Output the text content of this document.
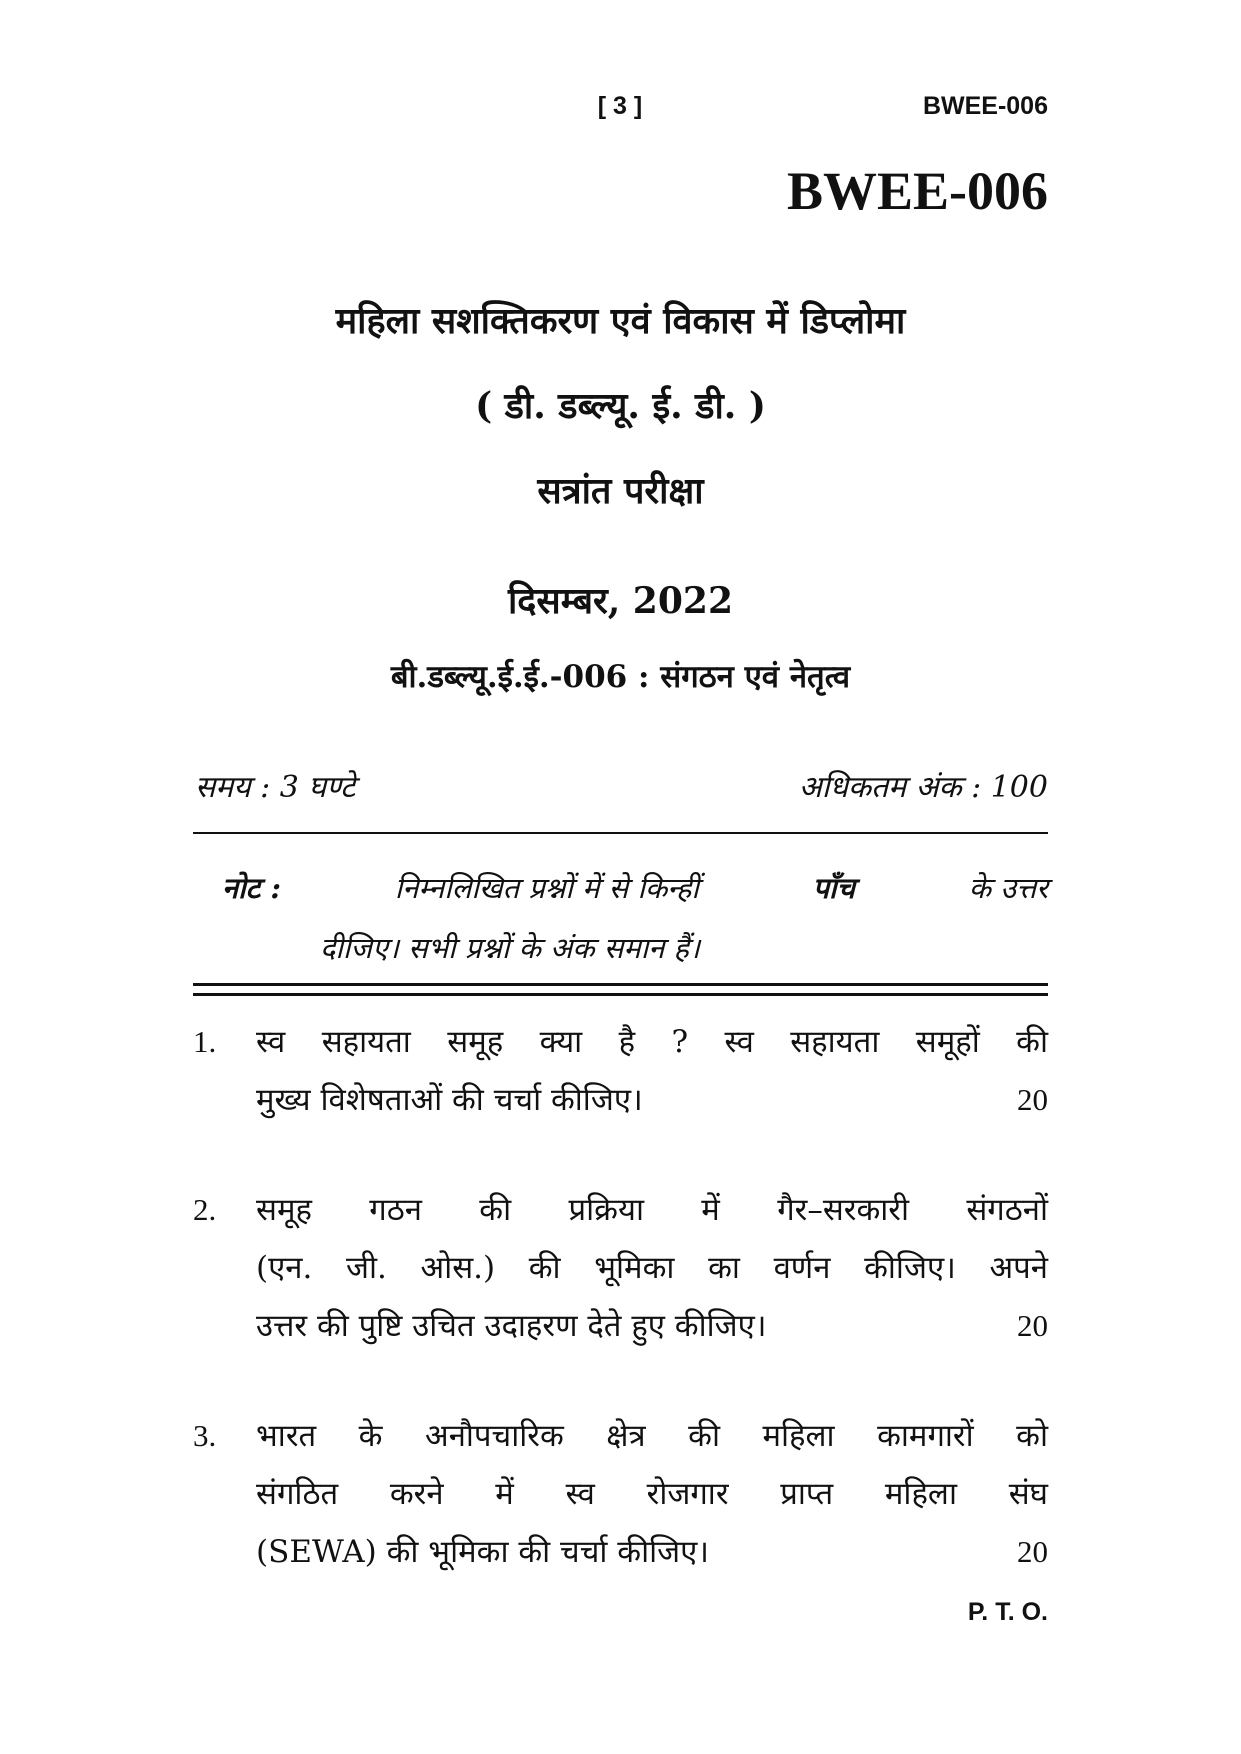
[ 3 ]	BWEE-006
BWEE-006
महिला सशक्तिकरण एवं विकास में डिप्लोमा
( डी. डब्ल्यू. ई. डी. )
सत्रांत परीक्षा
दिसम्बर, 2022
बी.डब्ल्यू.ई.ई.-006 : संगठन एवं नेतृत्व
समय : 3 घण्टे	अधिकतम अंक : 100
नोट :	निम्नलिखित प्रश्नों में से किन्हीं	पाँच	के उत्तर
दीजिए। सभी प्रश्नों के अंक समान हैं।
1.	स्व सहायता समूह क्या है ? स्व सहायता समूहों की
मुख्य विशेषताओं की चर्चा कीजिए।	20
2.	समूह गठन की प्रक्रिया में गैर–सरकारी संगठनों
(एन. जी. ओस.) की भूमिका का वर्णन कीजिए। अपने
उत्तर की पुष्टि उचित उदाहरण देते हुए कीजिए।	20
3.	भारत के अनौपचारिक क्षेत्र की महिला कामगारों को
संगठित करने में स्व रोजगार प्राप्त महिला संघ
(SEWA) की भूमिका की चर्चा कीजिए।	20
P. T. O.
